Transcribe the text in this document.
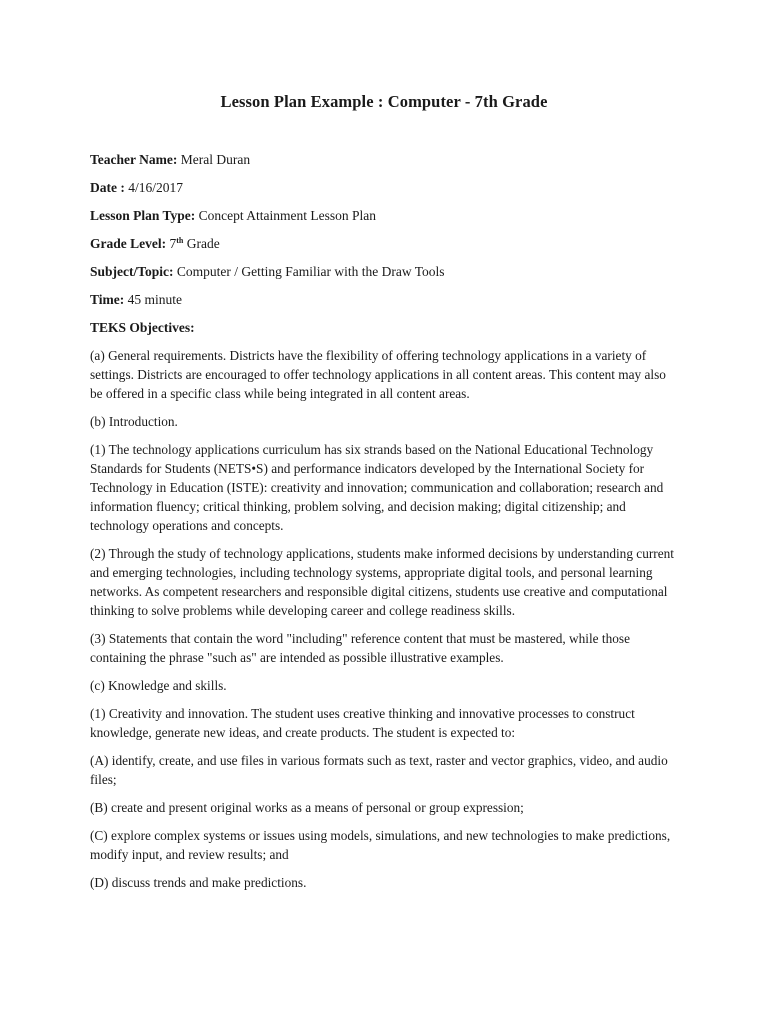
Lesson Plan Example : Computer - 7th Grade
Teacher Name: Meral Duran
Date : 4/16/2017
Lesson Plan Type: Concept Attainment Lesson Plan
Grade Level: 7th Grade
Subject/Topic: Computer / Getting Familiar with the Draw Tools
Time: 45 minute
TEKS Objectives:
(a) General requirements. Districts have the flexibility of offering technology applications in a variety of settings. Districts are encouraged to offer technology applications in all content areas. This content may also be offered in a specific class while being integrated in all content areas.
(b) Introduction.
(1) The technology applications curriculum has six strands based on the National Educational Technology Standards for Students (NETS•S) and performance indicators developed by the International Society for Technology in Education (ISTE): creativity and innovation; communication and collaboration; research and information fluency; critical thinking, problem solving, and decision making; digital citizenship; and technology operations and concepts.
(2) Through the study of technology applications, students make informed decisions by understanding current and emerging technologies, including technology systems, appropriate digital tools, and personal learning networks. As competent researchers and responsible digital citizens, students use creative and computational thinking to solve problems while developing career and college readiness skills.
(3) Statements that contain the word "including" reference content that must be mastered, while those containing the phrase "such as" are intended as possible illustrative examples.
(c) Knowledge and skills.
(1) Creativity and innovation. The student uses creative thinking and innovative processes to construct knowledge, generate new ideas, and create products. The student is expected to:
(A) identify, create, and use files in various formats such as text, raster and vector graphics, video, and audio files;
(B) create and present original works as a means of personal or group expression;
(C) explore complex systems or issues using models, simulations, and new technologies to make predictions, modify input, and review results; and
(D) discuss trends and make predictions.
